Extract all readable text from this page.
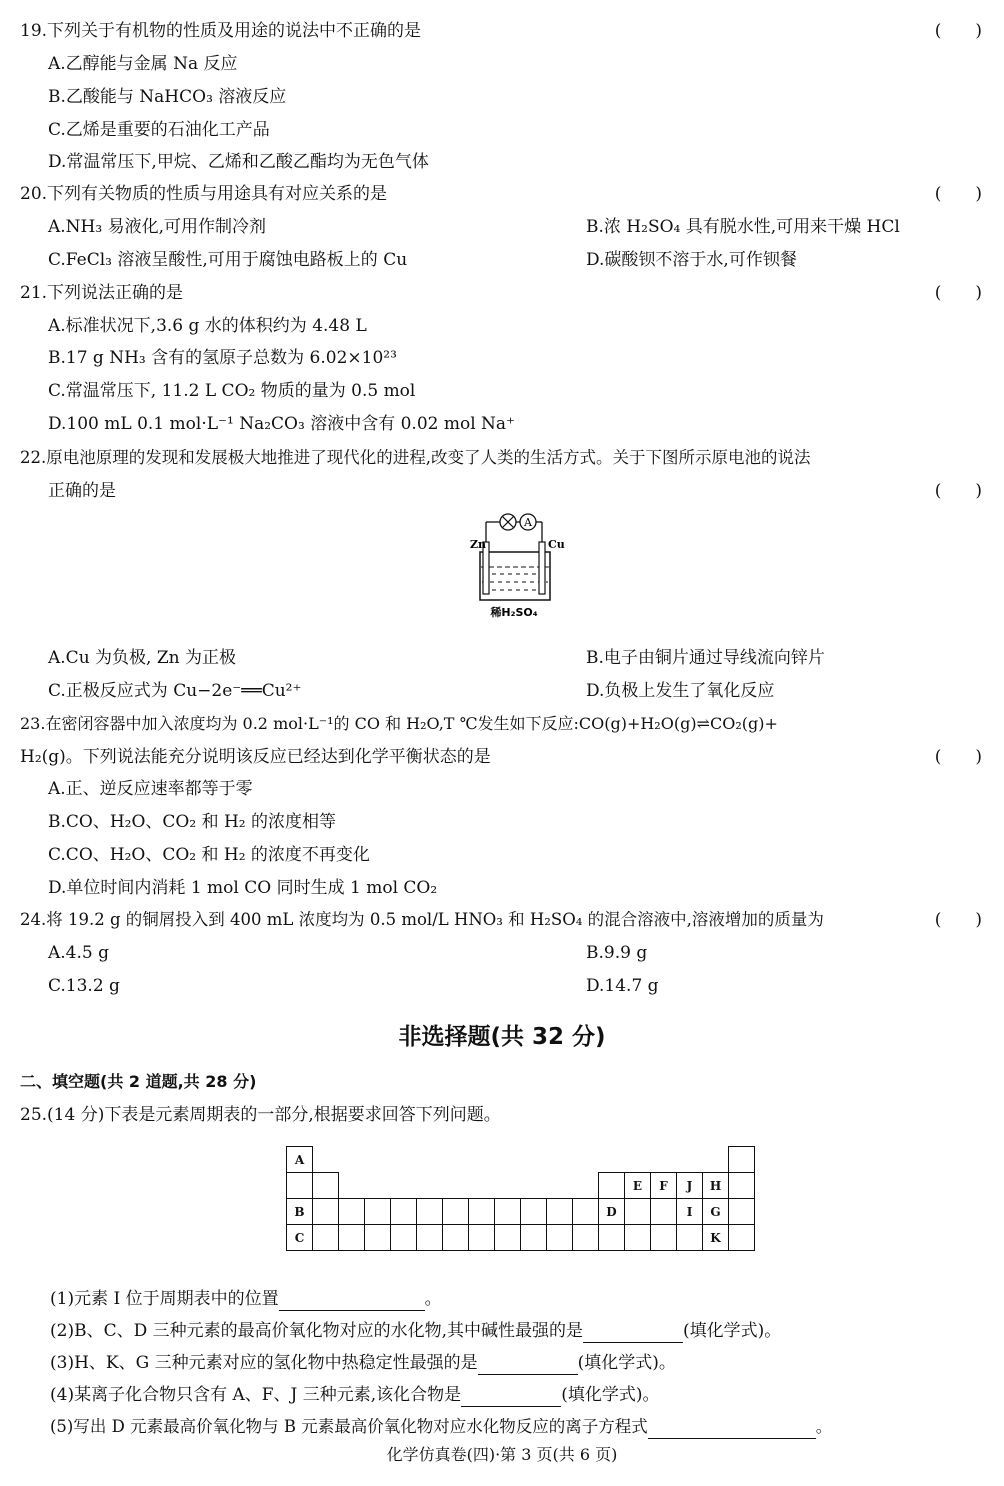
19.下列关于有机物的性质及用途的说法中不正确的是	(　　)
A.乙醇能与金属 Na 反应
B.乙酸能与 NaHCO₃ 溶液反应
C.乙烯是重要的石油化工产品
D.常温常压下,甲烷、乙烯和乙酸乙酯均为无色气体
20.下列有关物质的性质与用途具有对应关系的是	(　　)
A.NH₃ 易液化,可用作制冷剂	B.浓 H₂SO₄ 具有脱水性,可用来干燥 HCl
C.FeCl₃ 溶液呈酸性,可用于腐蚀电路板上的 Cu	D.碳酸钡不溶于水,可作钡餐
21.下列说法正确的是	(　　)
A.标准状况下,3.6 g 水的体积约为 4.48 L
B.17 g NH₃ 含有的氢原子总数为 6.02×10²³
C.常温常压下, 11.2 L CO₂ 物质的量为 0.5 mol
D.100 mL 0.1 mol·L⁻¹ Na₂CO₃ 溶液中含有 0.02 mol Na⁺
22.原电池原理的发现和发展极大地推进了现代化的进程,改变了人类的生活方式。关于下图所示原电池的说法
正确的是	(　　)
A
Zn	Cu
稀H₂SO₄
A.Cu 为负极, Zn 为正极	B.电子由铜片通过导线流向锌片
C.正极反应式为 Cu−2e⁻══Cu²⁺	D.负极上发生了氧化反应
23.在密闭容器中加入浓度均为 0.2 mol·L⁻¹的 CO 和 H₂O,T ℃发生如下反应:CO(g)+H₂O(g)⇌CO₂(g)+
H₂(g)。下列说法能充分说明该反应已经达到化学平衡状态的是	(　　)
A.正、逆反应速率都等于零
B.CO、H₂O、CO₂ 和 H₂ 的浓度相等
C.CO、H₂O、CO₂ 和 H₂ 的浓度不再变化
D.单位时间内消耗 1 mol CO 同时生成 1 mol CO₂
24.将 19.2 g 的铜屑投入到 400 mL 浓度均为 0.5 mol/L HNO₃ 和 H₂SO₄ 的混合溶液中,溶液增加的质量为	(　　)
A.4.5 g	B.9.9 g
C.13.2 g	D.14.7 g
非选择题(共 32 分)
二、填空题(共 2 道题,共 28 分)
25.(14 分)下表是元素周期表的一部分,根据要求回答下列问题。
A																	
													E	F	J	H	
B												D			I	G	
C																K	
(1)元素 I 位于周期表中的位置	。
(2)B、C、D 三种元素的最高价氧化物对应的水化物,其中碱性最强的是	(填化学式)。
(3)H、K、G 三种元素对应的氢化物中热稳定性最强的是	(填化学式)。
(4)某离子化合物只含有 A、F、J 三种元素,该化合物是	(填化学式)。
(5)写出 D 元素最高价氧化物与 B 元素最高价氧化物对应水化物反应的离子方程式	。
化学仿真卷(四)·第 3 页(共 6 页)
